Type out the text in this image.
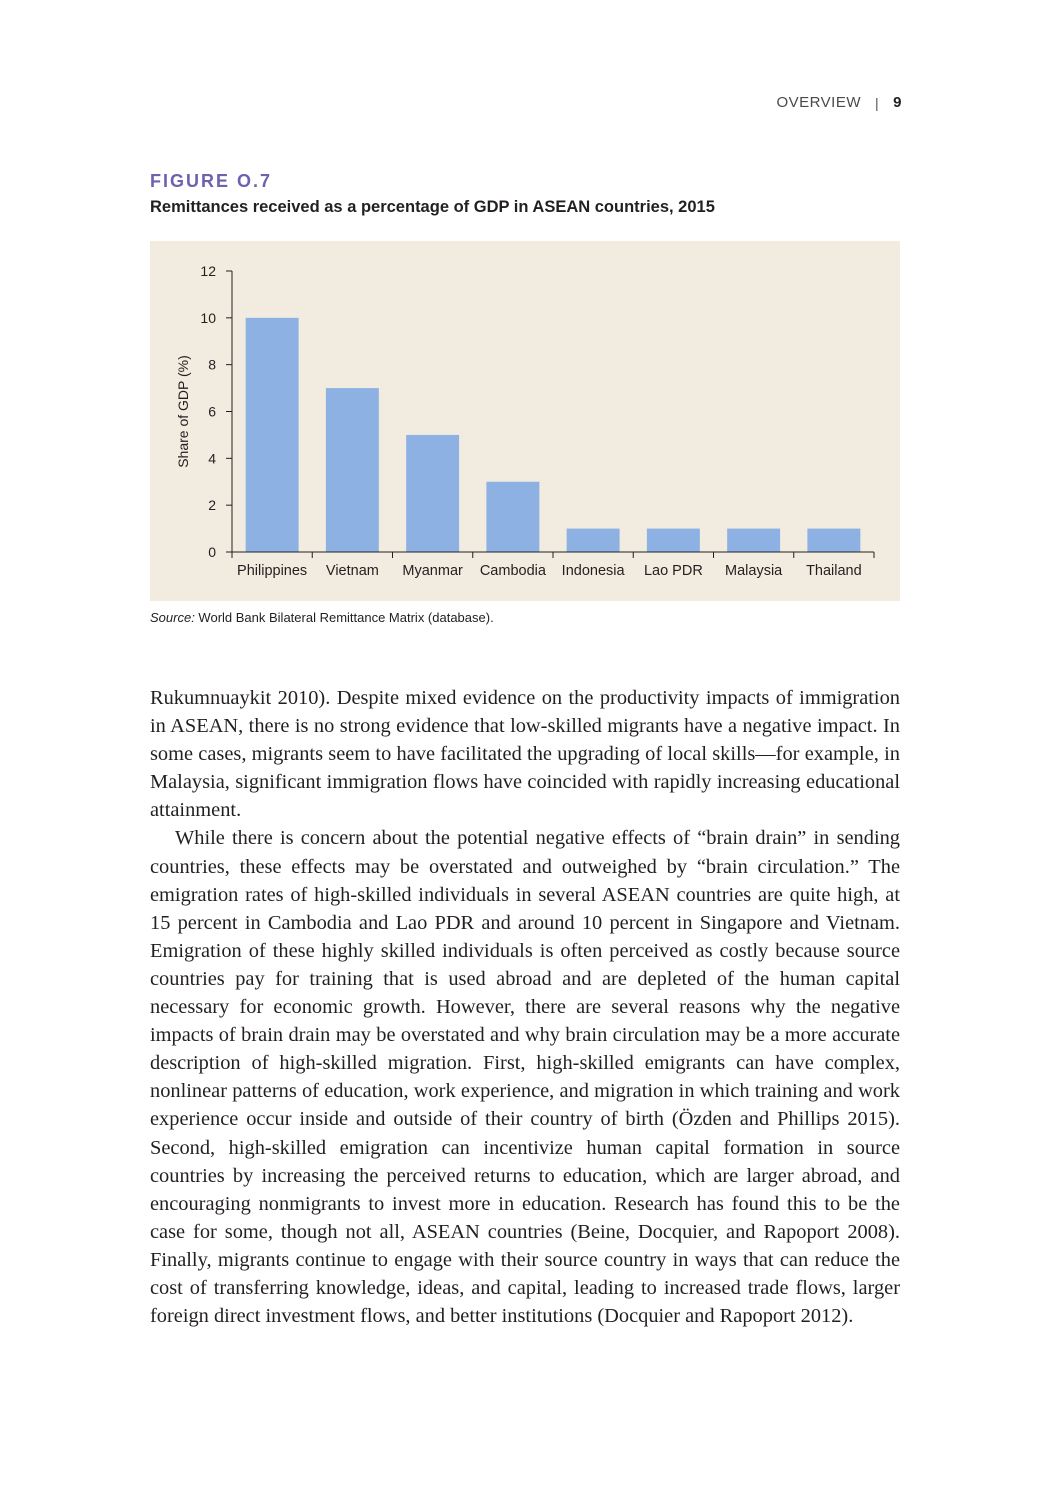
OVERVIEW | 9
FIGURE O.7
Remittances received as a percentage of GDP in ASEAN countries, 2015
0
2
4
6
8
10
12
Share of GDP (%)
Philippines Vietnam Myanmar Cambodia Indonesia Lao PDR Malaysia Thailand
Source: World Bank Bilateral Remittance Matrix (database).

Rukumnuaykit 2010). Despite mixed evidence on the productivity impacts of immigration in ASEAN, there is no strong evidence that low-skilled migrants have a negative impact. In some cases, migrants seem to have facilitated the upgrading of local skills—for example, in Malaysia, significant immigration flows have coincided with rapidly increasing educational attainment.

While there is concern about the potential negative effects of “brain drain” in sending countries, these effects may be overstated and outweighed by “brain circulation.” The emigration rates of high-skilled individuals in several ASEAN countries are quite high, at 15 percent in Cambodia and Lao PDR and around 10 percent in Singapore and Vietnam. Emigration of these highly skilled individuals is often perceived as costly because source countries pay for training that is used abroad and are depleted of the human capital necessary for economic growth. However, there are several reasons why the negative impacts of brain drain may be overstated and why brain circulation may be a more accurate description of high-skilled migration. First, high-skilled emigrants can have complex, nonlinear patterns of education, work experience, and migration in which training and work experience occur inside and outside of their country of birth (Özden and Phillips 2015). Second, high-skilled emigration can incentivize human capital formation in source countries by increasing the perceived returns to education, which are larger abroad, and encouraging nonmigrants to invest more in education. Research has found this to be the case for some, though not all, ASEAN countries (Beine, Docquier, and Rapoport 2008). Finally, migrants continue to engage with their source country in ways that can reduce the cost of transferring knowledge, ideas, and capital, leading to increased trade flows, larger foreign direct investment flows, and better institutions (Docquier and Rapoport 2012).
